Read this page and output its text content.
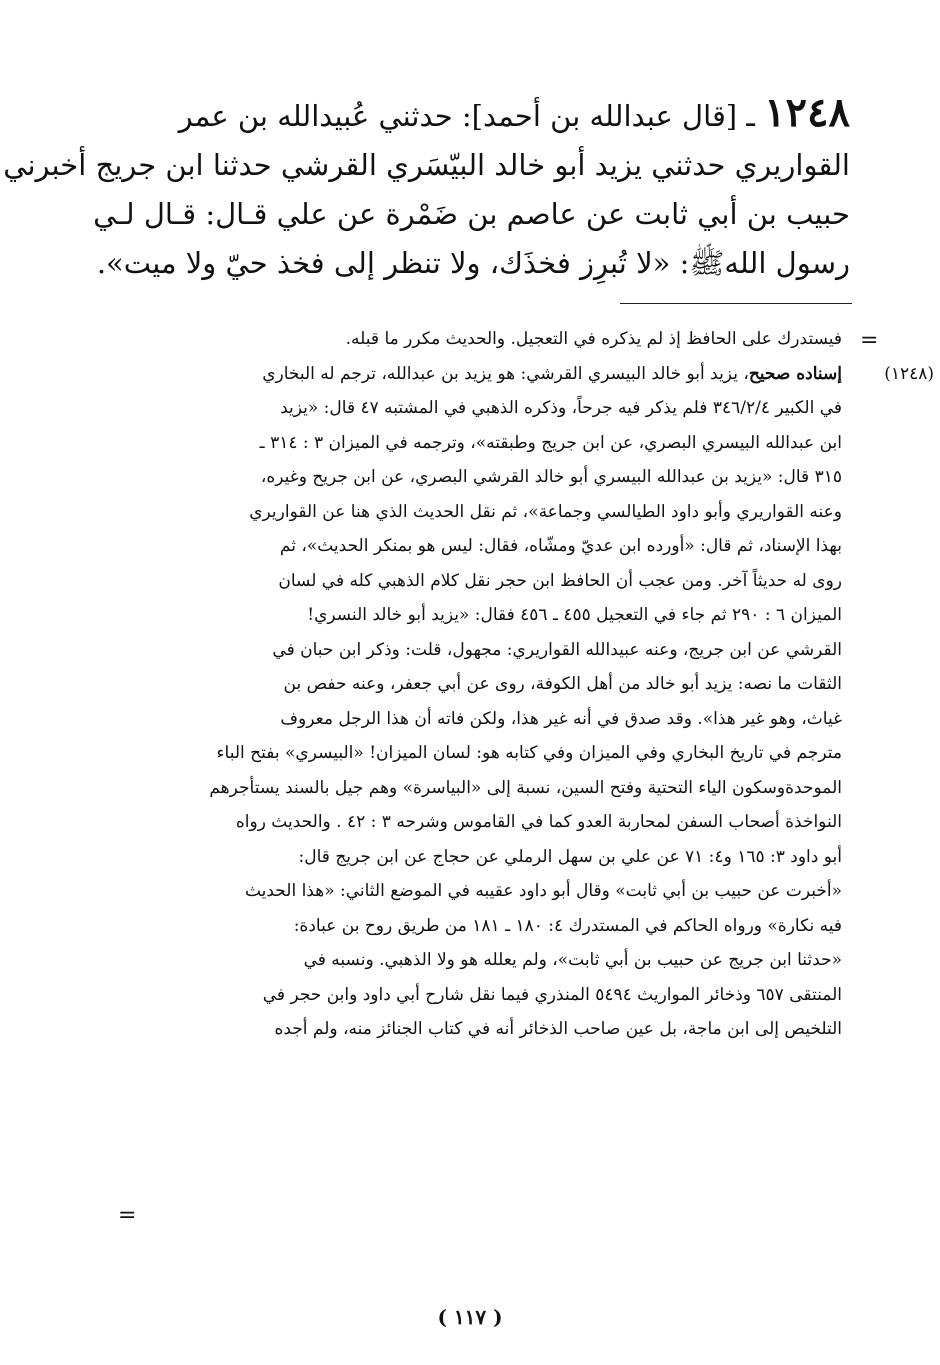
١٢٤٨ ـ [قال عبدالله بن أحمد]: حدثني عُبيدالله بن عمر
القواريري حدثني يزيد أبو خالد البيّسَري القرشي حدثنا ابن جريج أخبرني
حبيب بن أبي ثابت عن عاصم بن ضَمْرة عن علي قـال: قـال لـي
رسول اللهﷺ: «لا تُبرِز فخذَك، ولا تنظر إلى فخذ حيّ ولا ميت».
=
فيستدرك على الحافظ إذ لم يذكره في التعجيل. والحديث مكرر ما قبله.
(١٢٤٨)
إسناده صحيح، يزيد أبو خالد البيسري القرشي: هو يزيد بن عبدالله، ترجم له البخاري
في الكبير ٣٤٦/٢/٤ فلم يذكر فيه جرحاً، وذكره الذهبي في المشتبه ٤٧ قال: «يزيد
ابن عبدالله البيسري البصري، عن ابن جريج وطبقته»، وترجمه في الميزان ٣ : ٣١٤ ـ
٣١٥ قال: «يزيد بن عبدالله البيسري أبو خالد القرشي البصري، عن ابن جريح وغيره،
وعنه القواريري وأبو داود الطيالسي وجماعة»، ثم نقل الحديث الذي هنا عن القواريري
بهذا الإسناد، ثم قال: «أورده ابن عديّ ومشّاه، فقال: ليس هو بمنكر الحديث»، ثم
روى له حديثاً آخر. ومن عجب أن الحافظ ابن حجر نقل كلام الذهبي كله في لسان
الميزان ٦ : ٢٩٠ ثم جاء في التعجيل ٤٥٥ ـ ٤٥٦ فقال: «يزيد أبو خالد النسري!
القرشي عن ابن جريج، وعنه عبيدالله القواريري: مجهول، قلت: وذكر ابن حبان في
الثقات ما نصه: يزيد أبو خالد من أهل الكوفة، روى عن أبي جعفر، وعنه حفص بن
غياث، وهو غير هذا». وقد صدق في أنه غير هذا، ولكن فاته أن هذا الرجل معروف
مترجم في تاريخ البخاري وفي الميزان وفي كتابه هو: لسان الميزان! «البيسري» بفتح الباء
الموحدةوسكون الياء التحتية وفتح السين، نسبة إلى «البياسرة» وهم جيل بالسند يستأجرهم
النواخذة أصحاب السفن لمحاربة العدو كما في القاموس وشرحه ٣ : ٤٢ . والحديث رواه
أبو داود ٣: ١٦٥ و٤: ٧١ عن علي بن سهل الرملي عن حجاج عن ابن جريج قال:
«أخبرت عن حبيب بن أبي ثابت» وقال أبو داود عقيبه في الموضع الثاني: «هذا الحديث
فيه نكارة» ورواه الحاكم في المستدرك ٤: ١٨٠ ـ ١٨١ من طريق روح بن عبادة:
«حدثنا ابن جريج عن حبيب بن أبي ثابت»، ولم يعلله هو ولا الذهبي. ونسبه في
المنتقى ٦٥٧ وذخائر المواريث ٥٤٩٤ المنذري فيما نقل شارح أبي داود وابن حجر في
التلخيص إلى ابن ماجة، بل عين صاحب الذخائر أنه في كتاب الجنائز منه، ولم أجده
=
( ١١٧ )
